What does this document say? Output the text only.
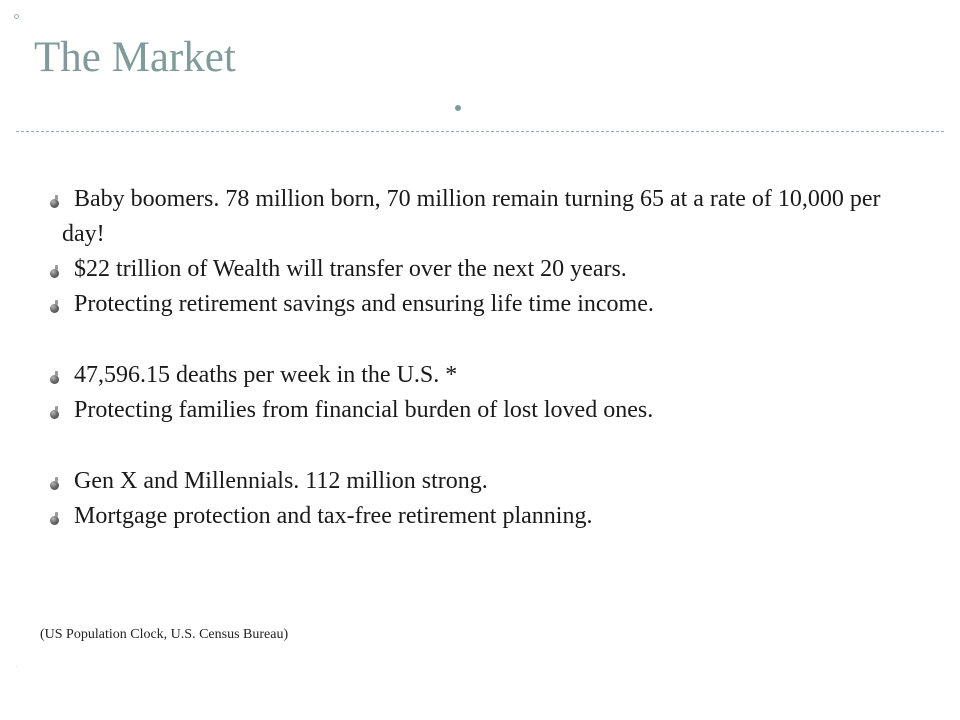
The Market
Baby boomers. 78 million born, 70 million remain turning 65 at a rate of 10,000 per day!
$22 trillion of Wealth will transfer over the next 20 years.
Protecting retirement savings and ensuring life time income.
47,596.15 deaths per week in the U.S. *
Protecting families from financial burden of lost loved ones.
Gen X and Millennials. 112 million strong.
Mortgage protection and tax-free retirement planning.
(US Population Clock, U.S. Census Bureau)
